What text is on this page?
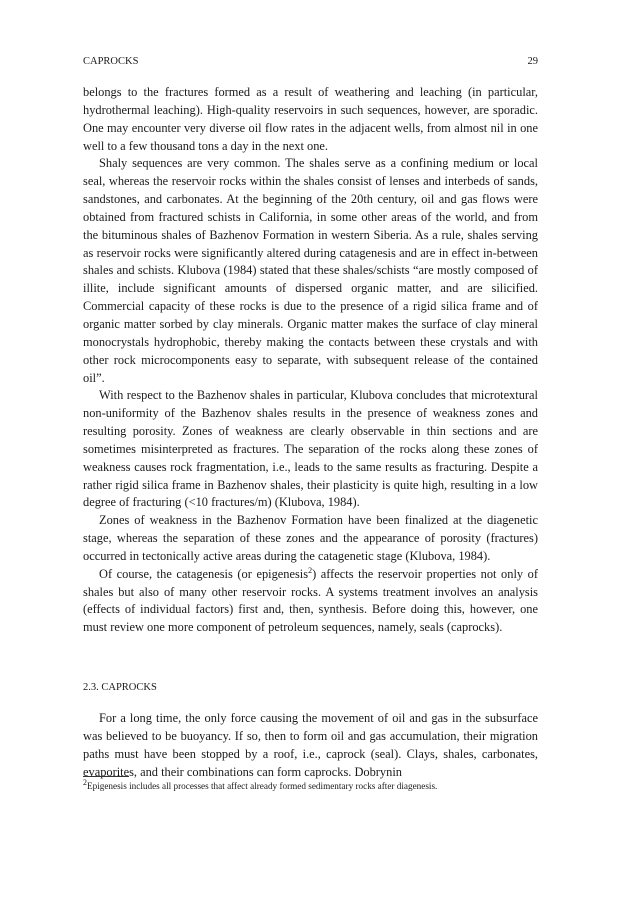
CAPROCKS	29

belongs to the fractures formed as a result of weathering and leaching (in particular, hydrothermal leaching). High-quality reservoirs in such sequences, however, are sporadic. One may encounter very diverse oil flow rates in the adjacent wells, from almost nil in one well to a few thousand tons a day in the next one.

Shaly sequences are very common. The shales serve as a confining medium or local seal, whereas the reservoir rocks within the shales consist of lenses and interbeds of sands, sandstones, and carbonates. At the beginning of the 20th century, oil and gas flows were obtained from fractured schists in California, in some other areas of the world, and from the bituminous shales of Bazhenov Formation in western Siberia. As a rule, shales serving as reservoir rocks were significantly altered during catagenesis and are in effect in-between shales and schists. Klubova (1984) stated that these shales/schists “are mostly composed of illite, include significant amounts of dispersed organic matter, and are silicified. Commercial capacity of these rocks is due to the presence of a rigid silica frame and of organic matter sorbed by clay minerals. Organic matter makes the surface of clay mineral monocrystals hydrophobic, thereby making the contacts between these crystals and with other rock microcomponents easy to separate, with subsequent release of the contained oil”.

With respect to the Bazhenov shales in particular, Klubova concludes that microtextural non-uniformity of the Bazhenov shales results in the presence of weakness zones and resulting porosity. Zones of weakness are clearly observable in thin sections and are sometimes misinterpreted as fractures. The separation of the rocks along these zones of weakness causes rock fragmentation, i.e., leads to the same results as fracturing. Despite a rather rigid silica frame in Bazhenov shales, their plasticity is quite high, resulting in a low degree of fracturing (<10 fractures/m) (Klubova, 1984).

Zones of weakness in the Bazhenov Formation have been finalized at the diagenetic stage, whereas the separation of these zones and the appearance of porosity (fractures) occurred in tectonically active areas during the catagenetic stage (Klubova, 1984).

Of course, the catagenesis (or epigenesis$^2$) affects the reservoir properties not only of shales but also of many other reservoir rocks. A systems treatment involves an analysis (effects of individual factors) first and, then, synthesis. Before doing this, however, one must review one more component of petroleum sequences, namely, seals (caprocks).

2.3. CAPROCKS

For a long time, the only force causing the movement of oil and gas in the subsurface was believed to be buoyancy. If so, then to form oil and gas accumulation, their migration paths must have been stopped by a roof, i.e., caprock (seal). Clays, shales, carbonates, evaporites, and their combinations can form caprocks. Dobrynin

$^2$Epigenesis includes all processes that affect already formed sedimentary rocks after diagenesis.
